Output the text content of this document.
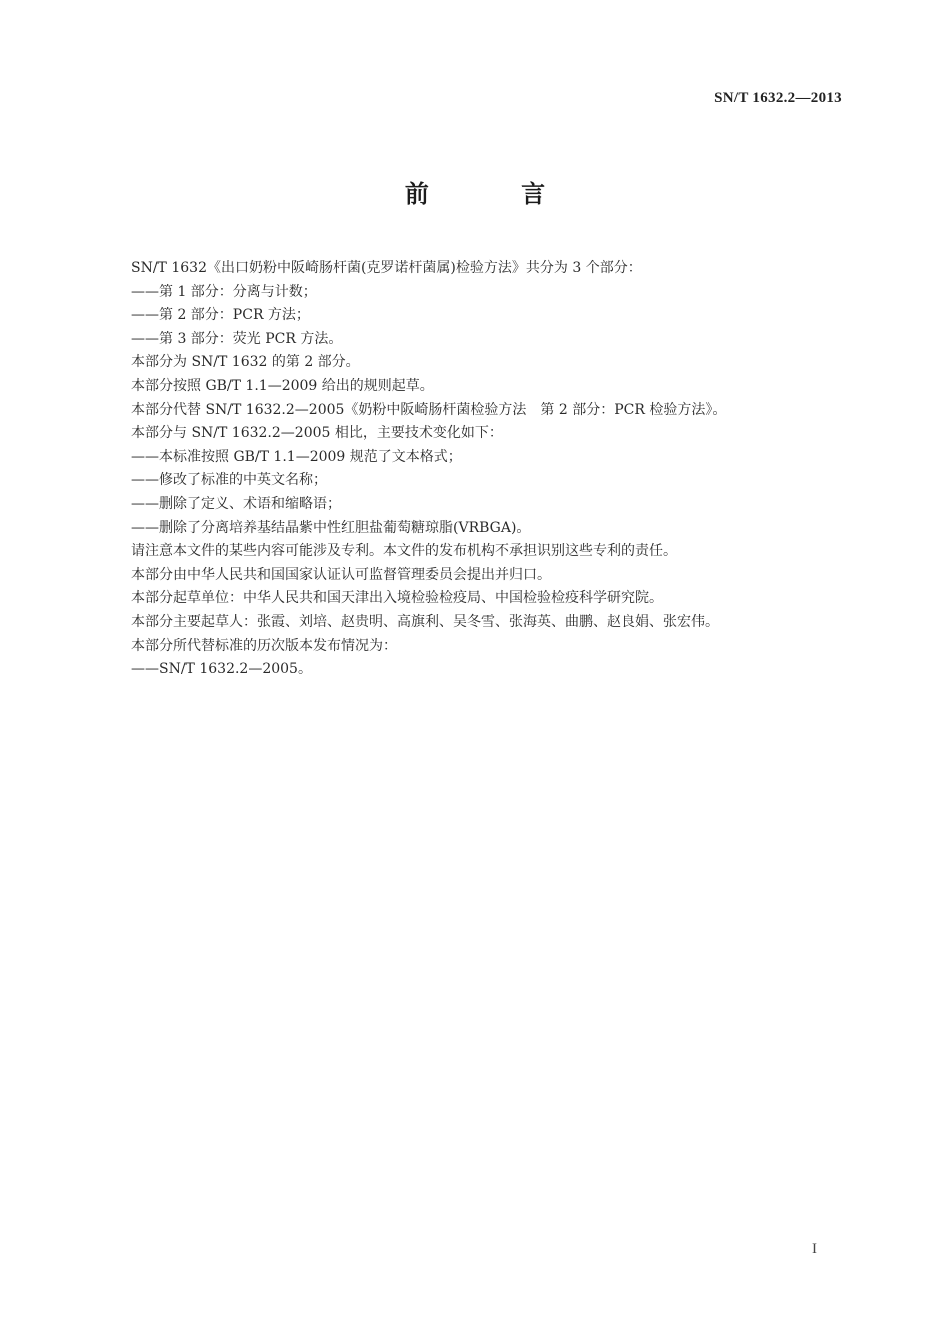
SN/T 1632.2—2013
前 言
SN/T 1632《出口奶粉中阪崎肠杆菌(克罗诺杆菌属)检验方法》共分为 3 个部分：
——第 1 部分：分离与计数；
——第 2 部分：PCR 方法；
——第 3 部分：荧光 PCR 方法。
本部分为 SN/T 1632 的第 2 部分。
本部分按照 GB/T 1.1—2009 给出的规则起草。
本部分代替 SN/T 1632.2—2005《奶粉中阪崎肠杆菌检验方法　第 2 部分：PCR 检验方法》。
本部分与 SN/T 1632.2—2005 相比，主要技术变化如下：
——本标准按照 GB/T 1.1—2009 规范了文本格式；
——修改了标准的中英文名称；
——删除了定义、术语和缩略语；
——删除了分离培养基结晶紫中性红胆盐葡萄糖琼脂(VRBGA)。
请注意本文件的某些内容可能涉及专利。本文件的发布机构不承担识别这些专利的责任。
本部分由中华人民共和国国家认证认可监督管理委员会提出并归口。
本部分起草单位：中华人民共和国天津出入境检验检疫局、中国检验检疫科学研究院。
本部分主要起草人：张霞、刘培、赵贵明、高旗利、吴冬雪、张海英、曲鹏、赵良娟、张宏伟。
本部分所代替标准的历次版本发布情况为：
——SN/T 1632.2—2005。
I
